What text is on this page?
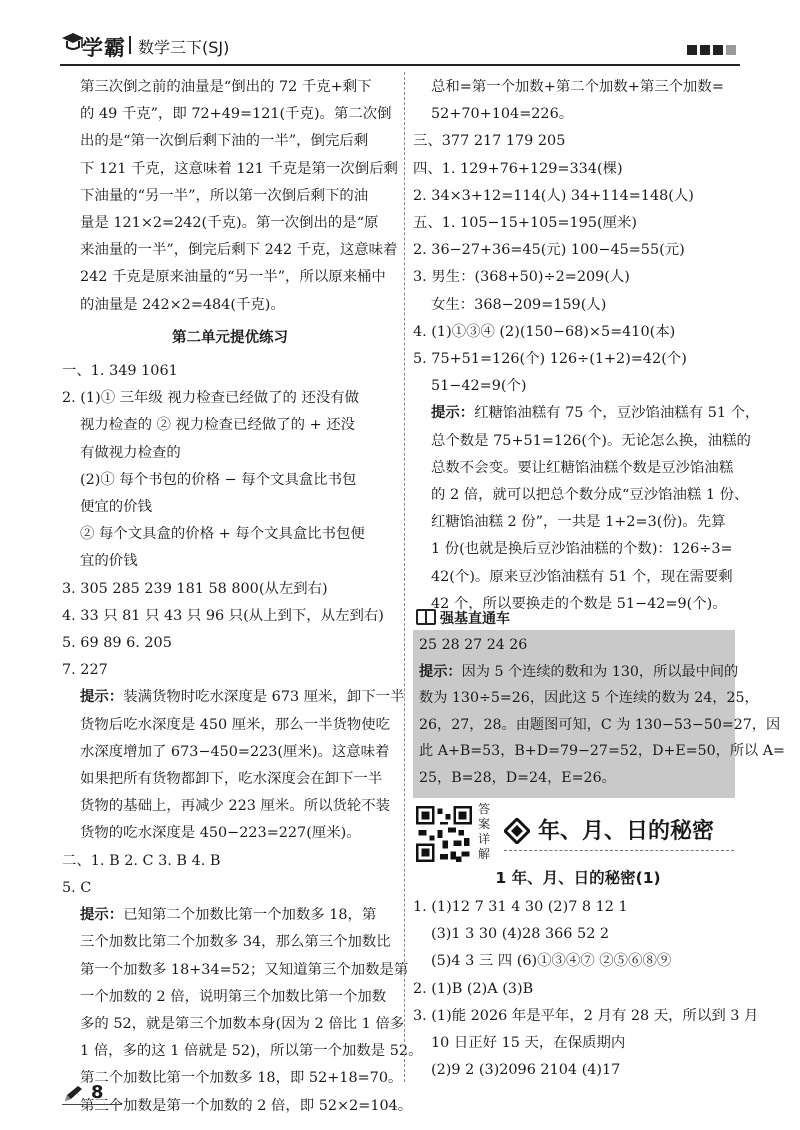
学霸 数学三下(SJ)
第三次倒之前的油量是“倒出的 72 千克+剩下
的 49 千克”，即 72+49=121(千克)。第二次倒
出的是“第一次倒后剩下油的一半”，倒完后剩
下 121 千克，这意味着 121 千克是第一次倒后剩
下油量的“另一半”，所以第一次倒后剩下的油
量是 121×2=242(千克)。第一次倒出的是“原
来油量的一半”，倒完后剩下 242 千克，这意味着
242 千克是原来油量的“另一半”，所以原来桶中
的油量是 242×2=484(千克)。
第二单元提优练习
一、1. 349 1061
2. (1)① 三年级 视力检查已经做了的 还没有做
视力检查的 ② 视力检查已经做了的 + 还没
有做视力检查的
(2)① 每个书包的价格 − 每个文具盒比书包
便宜的价钱
② 每个文具盒的价格 + 每个文具盒比书包便
宜的价钱
3. 305 285 239 181 58 800(从左到右)
4. 33 只 81 只 43 只 96 只(从上到下，从左到右)
5. 69 89 6. 205
7. 227
提示：装满货物时吃水深度是 673 厘米，卸下一半
货物后吃水深度是 450 厘米，那么一半货物使吃
水深度增加了 673−450=223(厘米)。这意味着
如果把所有货物都卸下，吃水深度会在卸下一半
货物的基础上，再减少 223 厘米。所以货轮不装
货物的吃水深度是 450−223=227(厘米)。
二、1. B 2. C 3. B 4. B
5. C
提示：已知第二个加数比第一个加数多 18，第
三个加数比第二个加数多 34，那么第三个加数比
第一个加数多 18+34=52；又知道第三个加数是第
一个加数的 2 倍，说明第三个加数比第一个加数
多的 52，就是第三个加数本身(因为 2 倍比 1 倍多
1 倍，多的这 1 倍就是 52)，所以第一个加数是 52。
第二个加数比第一个加数多 18，即 52+18=70。
第三个加数是第一个加数的 2 倍，即 52×2=104。
总和=第一个加数+第二个加数+第三个加数=
52+70+104=226。
三、377 217 179 205
四、1. 129+76+129=334(棵)
2. 34×3+12=114(人) 34+114=148(人)
五、1. 105−15+105=195(厘米)
2. 36−27+36=45(元) 100−45=55(元)
3. 男生：(368+50)÷2=209(人)
女生：368−209=159(人)
4. (1)①③④ (2)(150−68)×5=410(本)
5. 75+51=126(个) 126÷(1+2)=42(个)
51−42=9(个)
提示：红糖馅油糕有 75 个，豆沙馅油糕有 51 个，
总个数是 75+51=126(个)。无论怎么换，油糕的
总数不会变。要让红糖馅油糕个数是豆沙馅油糕
的 2 倍，就可以把总个数分成“豆沙馅油糕 1 份、
红糖馅油糕 2 份”，一共是 1+2=3(份)。先算
1 份(也就是换后豆沙馅油糕的个数)：126÷3=
42(个)。原来豆沙馅油糕有 51 个，现在需要剩
42 个，所以要换走的个数是 51−42=9(个)。
强基直通车
25 28 27 24 26
提示：因为 5 个连续的数和为 130，所以最中间的
数为 130÷5=26，因此这 5 个连续的数为 24，25，
26，27，28。由题图可知，C 为 130−53−50=27，因
此 A+B=53，B+D=79−27=52，D+E=50，所以 A=
25，B=28，D=24，E=26。
答案详解
年、月、日的秘密
1 年、月、日的秘密(1)
1. (1)12 7 31 4 30 (2)7 8 12 1
(3)1 3 30 (4)28 366 52 2
(5)4 3 三 四 (6)①③④⑦ ②⑤⑥⑧⑨
2. (1)B (2)A (3)B
3. (1)能 2026 年是平年，2 月有 28 天，所以到 3 月
10 日正好 15 天，在保质期内
(2)9 2 (3)2096 2104 (4)17
8
